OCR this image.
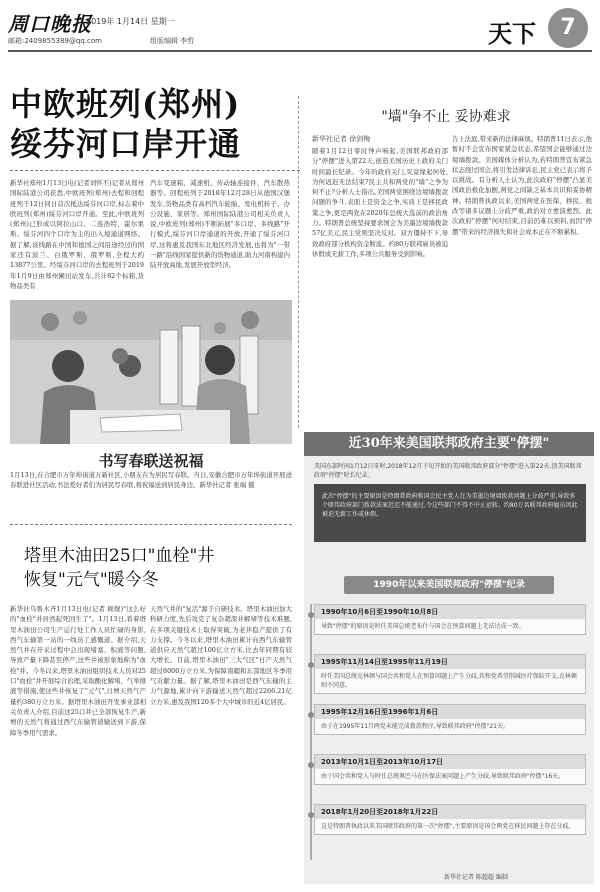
周口晚报
2019年 1月14日 星期一
邮箱:2409855389@qq.com	组版编辑 李哲	天下	7
中欧班列(郑州)
绥芬河口岸开通
新华社郑州1月13日电(记者刘怀丕)记者从郑州国际陆港公司获悉,中欧班列(郑州)去程和回程班列于12日同日首次抵达绥芬河口岸,标志着中欧班列(郑州)绥芬河口岸开通。至此,中欧班列(郑州)已形成以阿拉山口、二连浩特、霍尔果斯、绥芬河四个口岸为主的出入境通道网络。据了解,该线路在中国和德国之间沿途经过的国家还有波兰、白俄罗斯、俄罗斯,全程大约13877公里。经绥芬河口岸的去程班列于2019年1月9日由郑州圃田站发车,共计82个标箱,货物品类有
汽车变速箱、减速机、传动轴连接件、汽车散热器等。回程班列于2018年12月28日从德国汉堡发车,货物品类有高档汽车轮胎、发电机转子、办公设施、家居等。郑州国际陆港公司相关负责人说,中欧班列(郑州)不断拓展"多口岸、多线路"开行模式,绥芬河口岸通道的开放,开通了绥芬河口岸,这将惠及我国东北地区经济发展,也将为"一带一路"沿线国家提供新的货物通道,助力河南构建内陆开放高地,发展开放型经济。
书写春联送祝福
1月13日,在合肥市万年埠街道万新社区,小朋友在为居民写春联。当日,安徽合肥市万年埠街道开展送春联进社区活动,书法爱好者们为居民写春联,将祝福送到居民身边。新华社记者 张端 摄
塔里木油田25口"血栓"井
恢复"元气"暖今冬
新华社乌鲁木齐1月13日电(记者 顾煜)"这么好的"血栓"井居然起死回生了"。1月13日,看着塔里木油田公司生产运行处工作人员忙碌的身影,西气东输第一站的一线员工感慨道。据介绍,天然气井在开采过程中会出现堵塞、积液等问题,导致产量下降甚至停产,这些井被形象地称为"血栓"井。今冬以来,塔里木油田组织技术人员对25口"血栓"井开展综合治理,采取酸化解堵、气举排液等措施,使这些井恢复了"元气",日增天然气产量约380万立方米。据塔里木油田开发事业部相关负责人介绍,目前这25口井已全部恢复生产,新增的天然气将通过西气东输管道输送到下游,保障冬季用气需求。
天然气井的"复活"源于自研技术。塔里木油田加大科研力度,先后攻克了复杂超深井解堵等技术难题,在多项关键技术上取得突破,为老井稳产提供了有力支撑。今冬以来,塔里木油田累计向西气东输管道供应天然气超过100亿立方米,比去年同期有较大增长。目前,塔里木油田"三大气区"日产天然气超过8000万立方米,为保障南疆和东部地区冬季用气贡献力量。据了解,塔里木油田是西气东输的主力气源地,累计向下游输送天然气超过2266.21亿立方米,惠及我国120多个大中城市的近4亿居民。
"墙"争不止 妥协难求
新华社记者 徐剑梅
随着1月12日零时钟声响起,美国联邦政府部分"停摆"进入第22天,创造美国历史上政府关门时间最长纪录。今年的政府关门,究竟缘起何处,为何迟迟无法结束?民主共和两党的"墙"之争为何不止?分析人士指出,美国两党围绕边境墙拨款问题的争斗,表面上是资金之争,实质上是移民政策之争,更是两党在2020年总统大选前的政治角力。特朗普总统坚持要求国会为美墨边境墙拨款57亿美元,民主党则坚决反对。双方僵持不下,导致政府部分机构资金断流。约80万联邦雇员被迫休假或无薪工作,多项公共服务受到影响。
告上法庭,带来新的法律麻烦。特朗普11日表示,他暂时不会宣布国家紧急状态,希望国会能够通过边境墙拨款。美国媒体分析认为,若特朗普宣布紧急状态绕过国会,将引发法律诉讼,民主党已表示将予以挑战。有分析人士认为,此次政府"停摆"凸显美国政治极化加剧,两党之间缺乏基本共识和妥协精神。特朗普执政以来,美国两党在医保、移民、税改等诸多议题上分歧严重,政治对立愈演愈烈。此次政府"停摆"何时结束,目前仍难以预料,而因"停摆"带来的经济损失和社会成本正在不断累积。
近30年来美国联邦政府主要"停摆"
美国东部时间1月12日零时,2018年12月下旬开始的美国联邦政府部分"停摆"进入第22天,创美国联邦政府"停摆"时长纪录。
此次"停摆"的主要原因是特朗普政府和国会民主党人在为美墨边境墙拨款问题上分歧严重,导致多个联邦政府部门拨款法案迟迟不能通过,令这些部门不得不中止运转。约80万名联邦政府雇员因此被迫无薪工作或休假。
1990年以来美国联邦政府"停摆"纪录
1990年10月6日至1990年10月8日
导致"停摆"的原因是时任美国总统老布什与国会在预算问题上无法达成一致。
1995年11月14日至1995年11月19日
时任美国总统克林顿与国会共和党人在预算问题上产生分歧,共和党希望削减医疗保险开支,克林顿则不同意。
1995年12月16日至1996年1月6日
由于在1995年11月两党未能完成拨款程序,导致联邦政府"停摆"21天。
2013年10月1日至2013年10月17日
由于国会共和党人与时任总统奥巴马在医保法案问题上产生分歧,导致联邦政府"停摆"16天。
2018年1月20日至2018年1月22日
这是特朗普执政以来美国联邦政府的第一次"停摆",主要原因是国会两党在移民问题上存在分歧。
新华社记者 陈超超 编制
